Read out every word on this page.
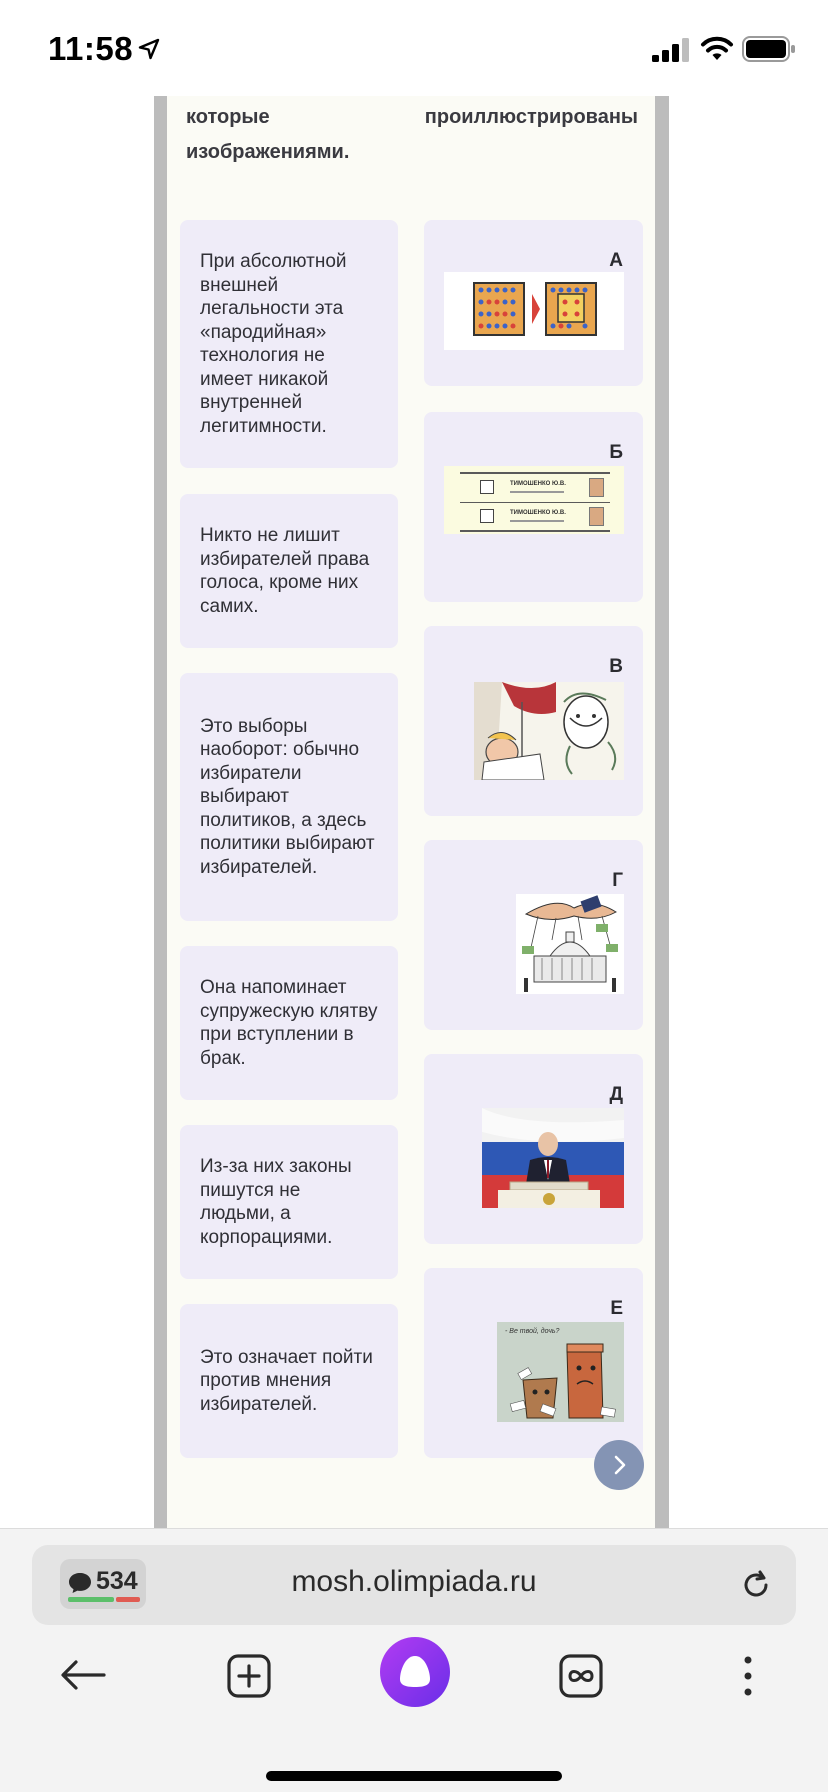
11:58
которые	проиллюстрированы
изображениями.
При абсолютной внешней легальности эта «пародийная» технология не имеет никакой внутренней легитимности.
Никто не лишит избирателей права голоса, кроме них самих.
Это выборы наоборот: обычно избиратели выбирают политиков, а здесь политики выбирают избирателей.
Она напоминает супружескую клятву при вступлении в брак.
Из-за них законы пишутся не людьми, а корпорациями.
Это означает пойти против мнения избирателей.
А
Б
ТИМОШЕНКО Ю.В.
ТИМОШЕНКО Ю.В.
В
Г
Д
Е
- Ве твой, дочь?
534	mosh.olimpiada.ru
